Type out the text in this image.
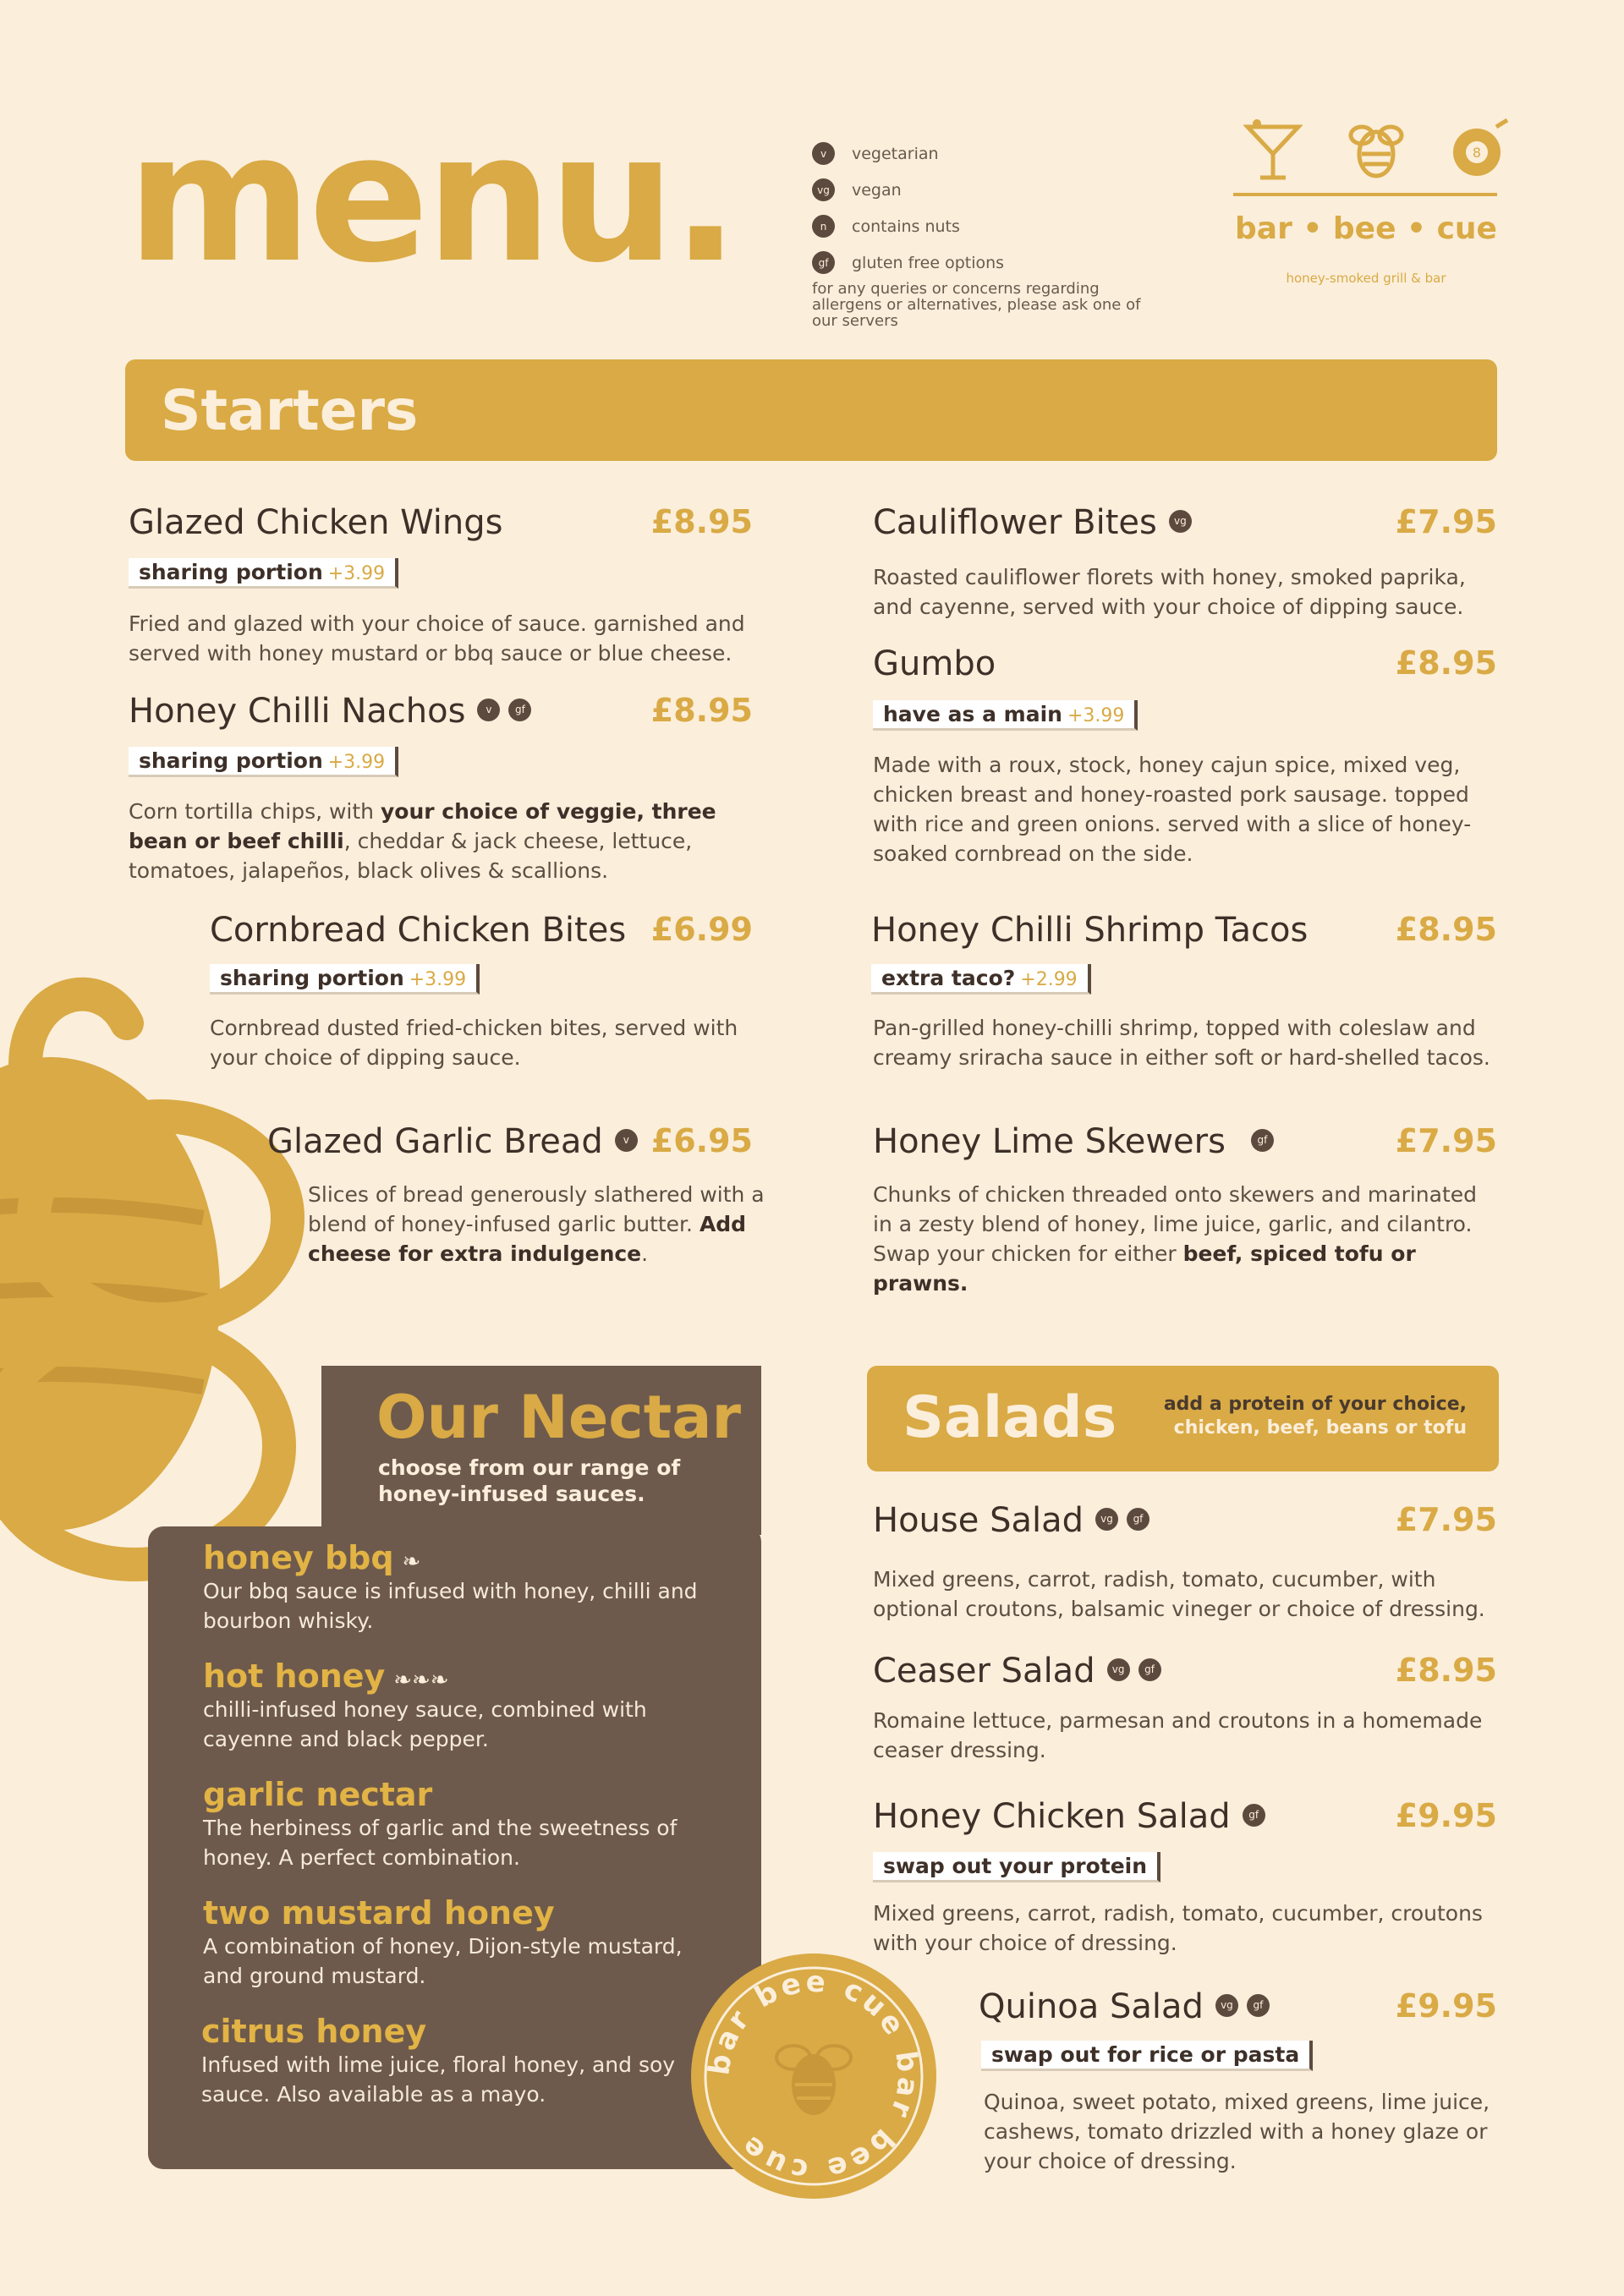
menu.	v	vegetarian
vg	vegan
n	contains nuts
gf	gluten free options
for any queries or concerns regarding allergens or alternatives, please ask one of our servers
8
bar • bee • cue
honey-smoked grill & bar
Starters
Glazed Chicken Wings	£8.95
sharing portion +3.99
Fried and glazed with your choice of sauce. garnished and served with honey mustard or bbq sauce or blue cheese.
Honey Chilli Nachos v gf	£8.95
sharing portion +3.99
Corn tortilla chips, with your choice of veggie, three bean or beef chilli, cheddar & jack cheese, lettuce, tomatoes, jalapeños, black olives & scallions.
Cornbread Chicken Bites £6.99
sharing portion +3.99
Cornbread dusted fried-chicken bites, served with your choice of dipping sauce.
Glazed Garlic Bread v £6.95
Slices of bread generously slathered with a blend of honey-infused garlic butter. Add cheese for extra indulgence.
Cauliflower Bites vg	£7.95
Roasted cauliflower florets with honey, smoked paprika, and cayenne, served with your choice of dipping sauce.
Gumbo	£8.95
have as a main +3.99
Made with a roux, stock, honey cajun spice, mixed veg, chicken breast and honey-roasted pork sausage. topped with rice and green onions. served with a slice of honey-soaked cornbread on the side.
Honey Chilli Shrimp Tacos	£8.95
extra taco? +2.99
Pan-grilled honey-chilli shrimp, topped with coleslaw and creamy sriracha sauce in either soft or hard-shelled tacos.
Honey Lime Skewers	gf	£7.95
Chunks of chicken threaded onto skewers and marinated in a zesty blend of honey, lime juice, garlic, and cilantro. Swap your chicken for either beef, spiced tofu or prawns.
Our Nectar
choose from our range of honey-infused sauces.
honey bbq ❧
Our bbq sauce is infused with honey, chilli and bourbon whisky.
hot honey ❧❧❧
chilli-infused honey sauce, combined with cayenne and black pepper.
garlic nectar
The herbiness of garlic and the sweetness of honey. A perfect combination.
two mustard honey
A combination of honey, Dijon-style mustard, and ground mustard.
citrus honey
Infused with lime juice, floral honey, and soy sauce. Also available as a mayo.
Salads	add a protein of your choice,
chicken, beef, beans or tofu
House Salad vg gf	£7.95
Mixed greens, carrot, radish, tomato, cucumber, with optional croutons, balsamic vineger or choice of dressing.
Ceaser Salad vg gf	£8.95
Romaine lettuce, parmesan and croutons in a homemade ceaser dressing.
Honey Chicken Salad gf	£9.95
swap out your protein
Mixed greens, carrot, radish, tomato, cucumber, croutons with your choice of dressing.
Quinoa Salad vg gf	£9.95
swap out for rice or pasta
Quinoa, sweet potato, mixed greens, lime juice, cashews, tomato drizzled with a honey glaze or your choice of dressing.
bar bee cue bar bee cue
